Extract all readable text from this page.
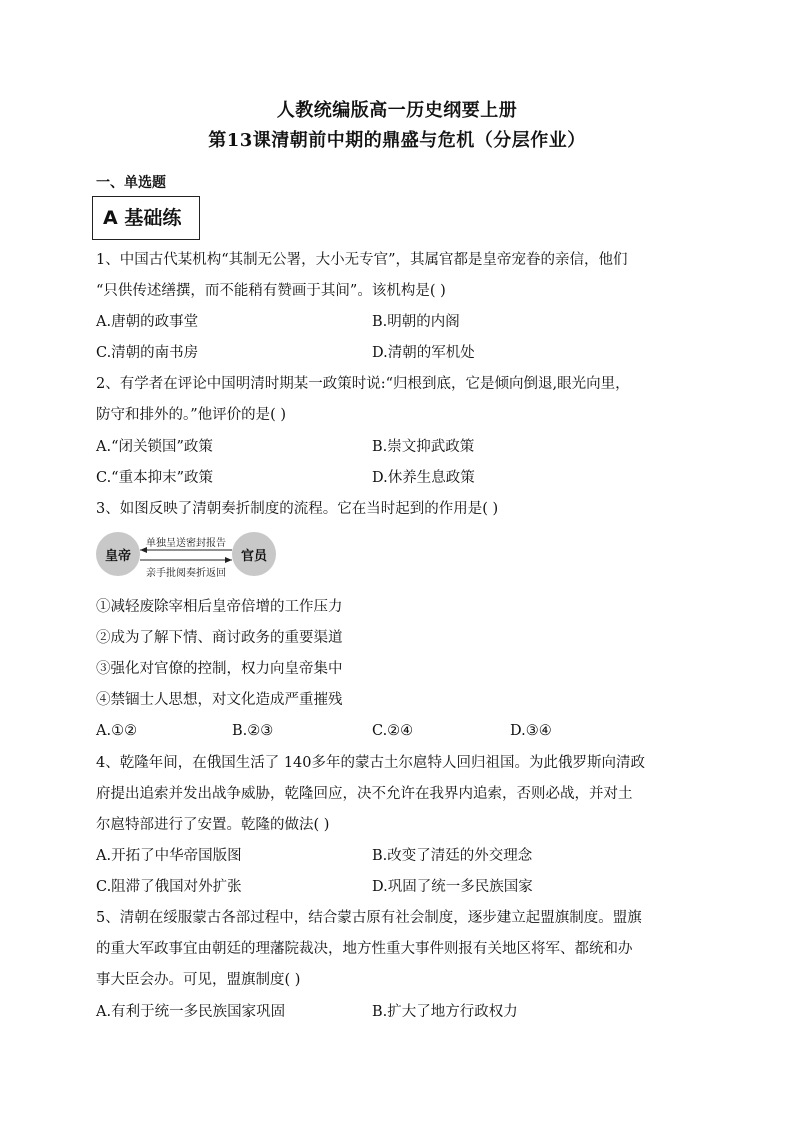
人教统编版高一历史纲要上册
第13课清朝前中期的鼎盛与危机（分层作业）
一、单选题
A 基础练
1、中国古代某机构“其制无公署，大小无专官”，其属官都是皇帝宠眷的亲信，他们
“只供传述缮撰，而不能稍有赞画于其间”。该机构是( )
A.唐朝的政事堂	B.明朝的内阁
C.清朝的南书房	D.清朝的军机处
2、有学者在评论中国明清时期某一政策时说:“归根到底，它是倾向倒退,眼光向里，
防守和排外的。”他评价的是( )
A.“闭关锁国”政策	B.崇文抑武政策
C.“重本抑末”政策	D.休养生息政策
3、如图反映了清朝奏折制度的流程。它在当时起到的作用是( )
皇帝	官员
单独呈送密封报告
亲手批阅奏折返回
①减轻废除宰相后皇帝倍增的工作压力
②成为了解下情、商讨政务的重要渠道
③强化对官僚的控制，权力向皇帝集中
④禁锢士人思想，对文化造成严重摧残
A.①②	B.②③	C.②④	D.③④
4、乾隆年间，在俄国生活了 140多年的蒙古土尔扈特人回归祖国。为此俄罗斯向清政
府提出追索并发出战争威胁，乾隆回应，决不允许在我界内追索，否则必战，并对土
尔扈特部进行了安置。乾隆的做法( )
A.开拓了中华帝国版图	B.改变了清廷的外交理念
C.阻滞了俄国对外扩张	D.巩固了统一多民族国家
5、清朝在绥服蒙古各部过程中，结合蒙古原有社会制度，逐步建立起盟旗制度。盟旗
的重大军政事宜由朝廷的理藩院裁决，地方性重大事件则报有关地区将军、都统和办
事大臣会办。可见，盟旗制度( )
A.有利于统一多民族国家巩固	B.扩大了地方行政权力
